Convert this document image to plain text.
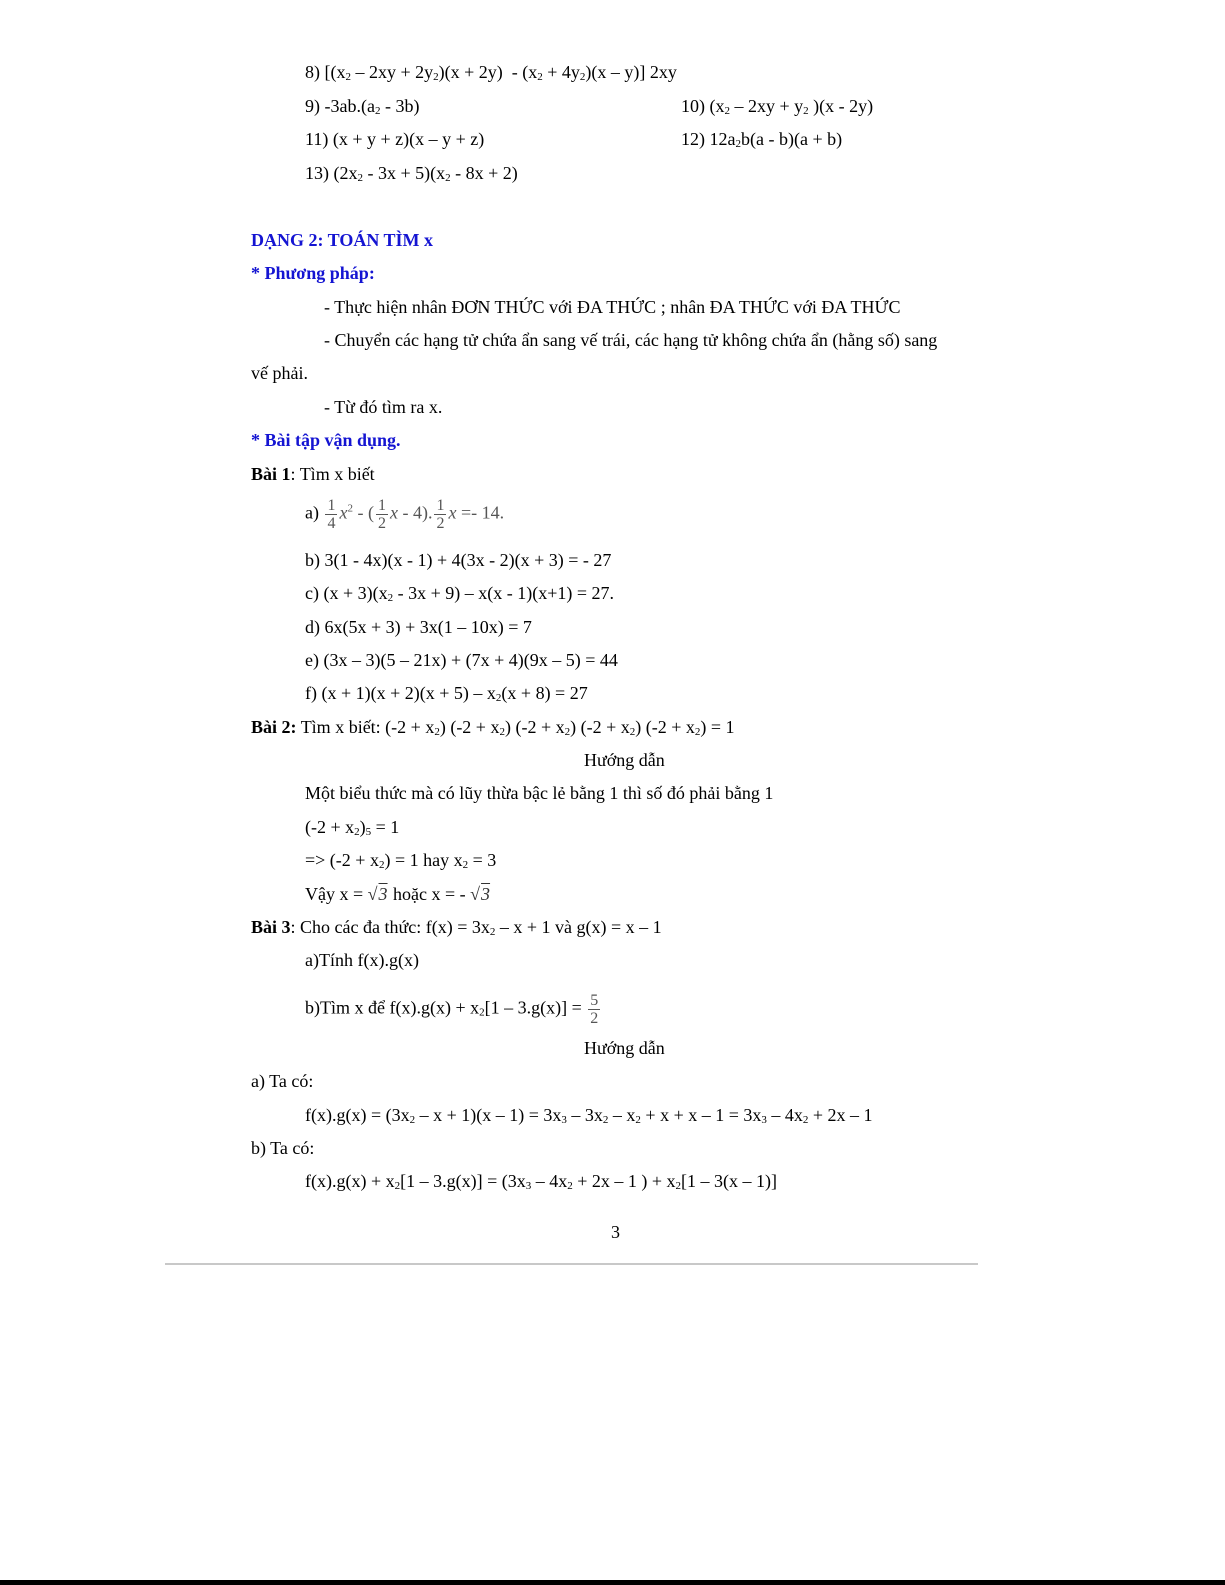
8) $[(x_2 - 2xy + 2y_2)(x + 2y) - (x_2 + 4y_2)(x - y)]$ 2xy
9) $-3ab.(a_2 - 3b)$	10) ($x_2 - 2xy + y_2$ )(x - 2y)
11) (x + y + z)(x – y + z)	12) $12a_2b(a - b)(a + b)$
13) $(2x_2 - 3x + 5)(x_2 - 8x + 2)$
DẠNG 2: TOÁN TÌM x
* Phương pháp:
- Thực hiện nhân ĐƠN THỨC với ĐA THỨC ; nhân ĐA THỨC với ĐA THỨC
- Chuyển các hạng tử chứa ẩn sang vế trái, các hạng tử không chứa ẩn (hằng số) sang
vế phải.
- Từ đó tìm ra x.
* Bài tập vận dụng.
Bài 1: Tìm x biết
$a) \frac{1}{4} x^2$ - ( $\frac{1}{2}$ x - 4). $\frac{1}{2}$ x =- 14.
b) 3(1 - 4x)(x - 1) + 4(3x - 2)(x + 3) = - 27
c) $(x + 3)(x_2 - 3x + 9) - x(x - 1)(x+1) = 27$.
d) 6x(5x + 3) + 3x(1 – 10x) = 7
e) (3x – 3)(5 – 21x) + (7x + 4)(9x – 5) = 44
f) $(x + 1)(x + 2)(x + 5) - x_2(x + 8) = 27$
Bài 2: Tìm x biết: $(-2 + x_2)$ $(-2 + x_2)$ $(-2 + x_2)$ $(-2 + x_2)$ $(-2 + x_2) = 1$
Hướng dẫn
Một biểu thức mà có lũy thừa bậc lẻ bằng 1 thì số đó phải bằng 1
$(-2 + x_2)_5 = 1$
=> $(-2 + x_2) = 1$ hay $x_2 = 3$
Vậy x = √3 hoặc x = - √3
Bài 3: Cho các đa thức: $f(x) = 3x_2 - x + 1$ và g(x) = x – 1
a)Tính f(x).g(x)
b)Tìm x để $f(x).g(x) + x_2[1 - 3.g(x)] = \frac{5}{2}$
Hướng dẫn
a) Ta có:
$f(x).g(x) = (3x_2 - x + 1)(x - 1) = 3x_3 - 3x_2 - x_2 + x + x - 1 = 3x_3 - 4x_2 + 2x - 1$
b) Ta có:
$f(x).g(x) + x_2[1 - 3.g(x)] = (3x_3 - 4x_2 + 2x - 1$ ) + $x_2[1 - 3(x - 1)]$
3
